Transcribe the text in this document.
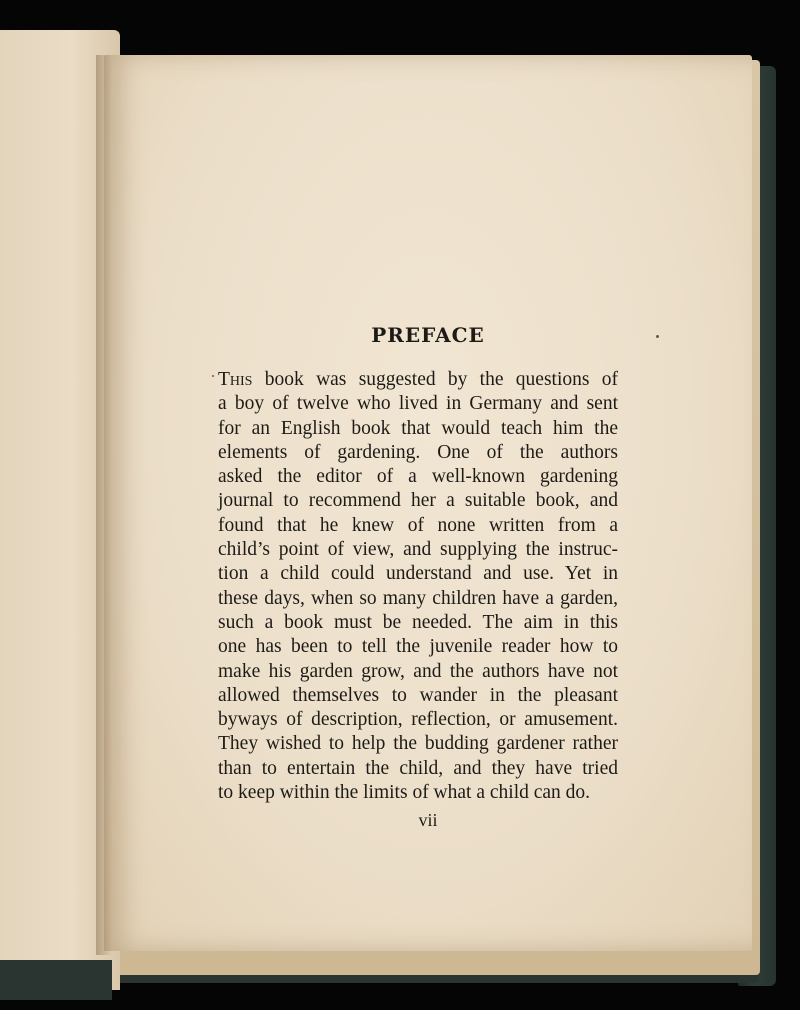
PREFACE
This book was suggested by the questions of
a boy of twelve who lived in Germany and sent
for an English book that would teach him the
elements of gardening. One of the authors
asked the editor of a well-known gardening
journal to recommend her a suitable book, and
found that he knew of none written from a
child’s point of view, and supplying the instruc-
tion a child could understand and use. Yet in
these days, when so many children have a garden,
such a book must be needed. The aim in this
one has been to tell the juvenile reader how to
make his garden grow, and the authors have not
allowed themselves to wander in the pleasant
byways of description, reflection, or amusement.
They wished to help the budding gardener rather
than to entertain the child, and they have tried
to keep within the limits of what a child can do.
vii
